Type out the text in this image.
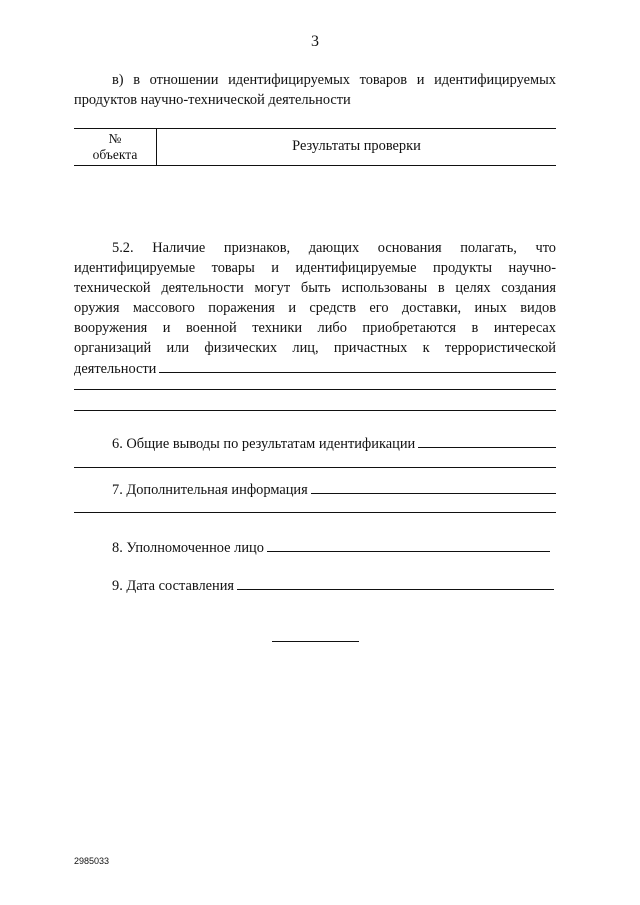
3
в) в отношении идентифицируемых товаров и идентифицируемых
продуктов научно-технической деятельности
№
объекта
Результаты проверки
5.2. Наличие признаков, дающих основания полагать, что
идентифицируемые товары и идентифицируемые продукты научно-
технической деятельности могут быть использованы в целях создания
оружия массового поражения и средств его доставки, иных видов
вооружения и военной техники либо приобретаются в интересах
организаций или физических лиц, причастных к террористической
деятельности
6. Общие выводы по результатам идентификации
7. Дополнительная информация
8. Уполномоченное лицо
9. Дата составления
2985033
